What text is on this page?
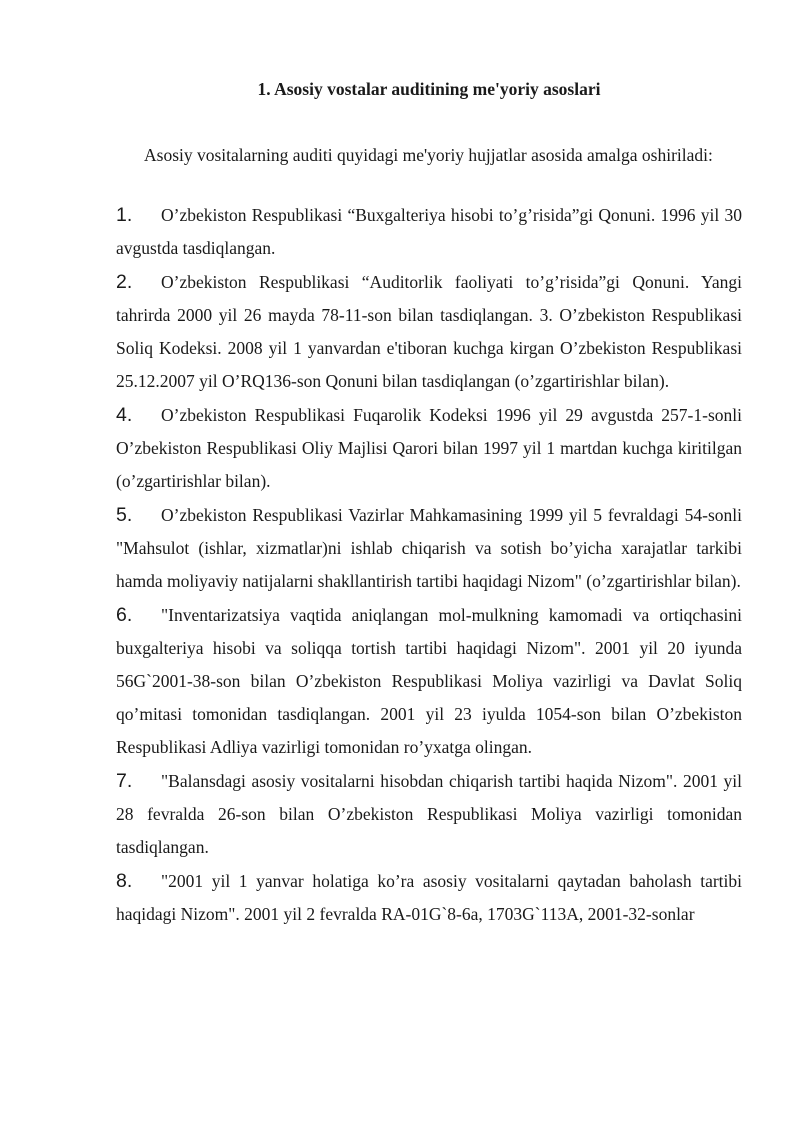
1. Asosiy vostalar auditining me'yoriy asoslari

Asosiy vositalarning auditi quyidagi me'yoriy hujjatlar asosida amalga oshiriladi:

1. O’zbekiston Respublikasi “Buxgalteriya hisobi to’g’risida”gi Qonuni. 1996 yil 30 avgustda tasdiqlangan.
2. O’zbekiston Respublikasi “Auditorlik faoliyati to’g’risida”gi Qonuni. Yangi tahrirda 2000 yil 26 mayda 78-11-son bilan tasdiqlangan. 3. O’zbekiston Respublikasi Soliq Kodeksi. 2008 yil 1 yanvardan e'tiboran kuchga kirgan O’zbekiston Respublikasi 25.12.2007 yil O’RQ136-son Qonuni bilan tasdiqlangan (o’zgartirishlar bilan).
4. O’zbekiston Respublikasi Fuqarolik Kodeksi 1996 yil 29 avgustda 257-1-sonli O’zbekiston Respublikasi Oliy Majlisi Qarori bilan 1997 yil 1 martdan kuchga kiritilgan (o’zgartirishlar bilan).
5. O’zbekiston Respublikasi Vazirlar Mahkamasining 1999 yil 5 fevraldagi 54-sonli "Mahsulot (ishlar, xizmatlar)ni ishlab chiqarish va sotish bo’yicha xarajatlar tarkibi hamda moliyaviy natijalarni shakllantirish tartibi haqidagi Nizom" (o’zgartirishlar bilan).
6. "Inventarizatsiya vaqtida aniqlangan mol-mulkning kamomadi va ortiqchasini buxgalteriya hisobi va soliqqa tortish tartibi haqidagi Nizom". 2001 yil 20 iyunda 56G`2001-38-son bilan O’zbekiston Respublikasi Moliya vazirligi va Davlat Soliq qo’mitasi tomonidan tasdiqlangan. 2001 yil 23 iyulda 1054-son bilan O’zbekiston Respublikasi Adliya vazirligi tomonidan ro’yxatga olingan.
7. "Balansdagi asosiy vositalarni hisobdan chiqarish tartibi haqida Nizom". 2001 yil 28 fevralda 26-son bilan O’zbekiston Respublikasi Moliya vazirligi tomonidan tasdiqlangan.
8. "2001 yil 1 yanvar holatiga ko’ra asosiy vositalarni qaytadan baholash tartibi haqidagi Nizom". 2001 yil 2 fevralda RA-01G`8-6a, 1703G`113A, 2001-32-sonlar
